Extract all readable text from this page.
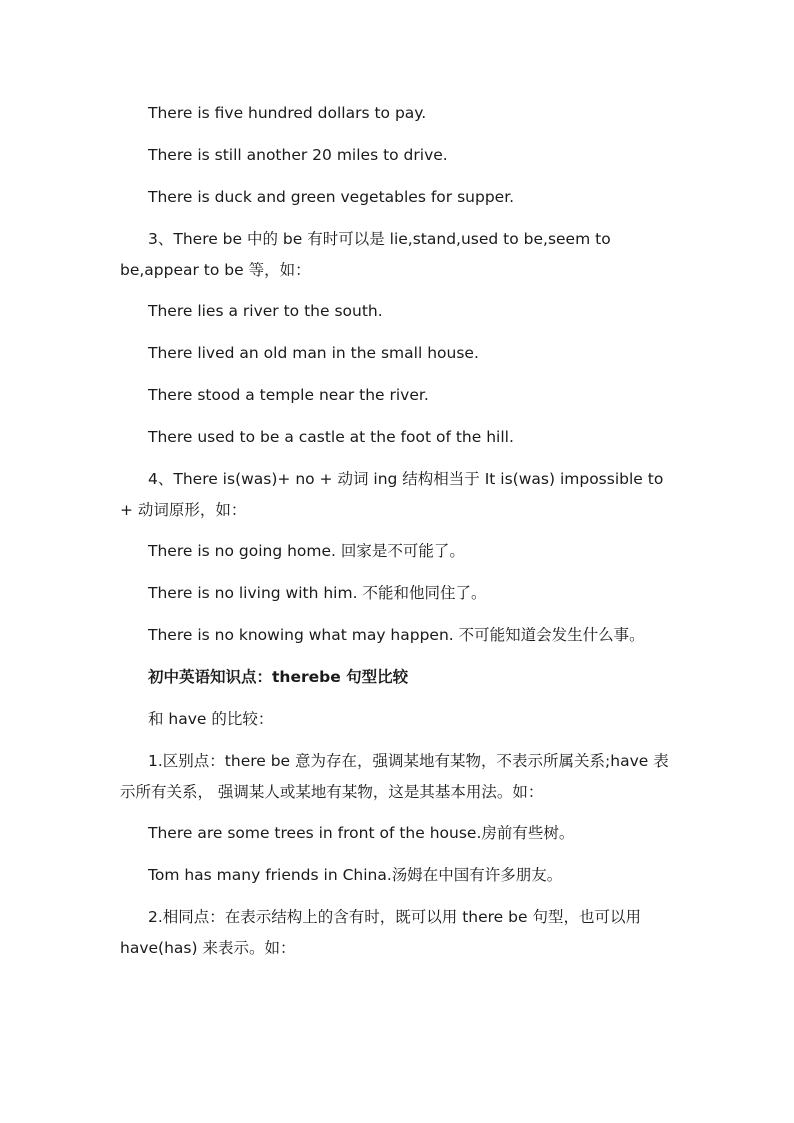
There is five hundred dollars to pay.

There is still another 20 miles to drive.

There is duck and green vegetables for supper.

3、There be 中的 be 有时可以是 lie,stand,used to be,seem to be,appear to be 等，如：

There lies a river to the south.

There lived an old man in the small house.

There stood a temple near the river.

There used to be a castle at the foot of the hill.

4、There is(was)+ no + 动词 ing 结构相当于 It is(was) impossible to + 动词原形，如：

There is no going home. 回家是不可能了。

There is no living with him. 不能和他同住了。

There is no knowing what may happen. 不可能知道会发生什么事。

初中英语知识点：therebe 句型比较

和 have 的比较：

1.区别点：there be 意为存在，强调某地有某物，不表示所属关系;have 表示所有关系， 强调某人或某地有某物，这是其基本用法。如：

There are some trees in front of the house.房前有些树。

Tom has many friends in China.汤姆在中国有许多朋友。

2.相同点：在表示结构上的含有时，既可以用 there be 句型，也可以用 have(has) 来表示。如：
